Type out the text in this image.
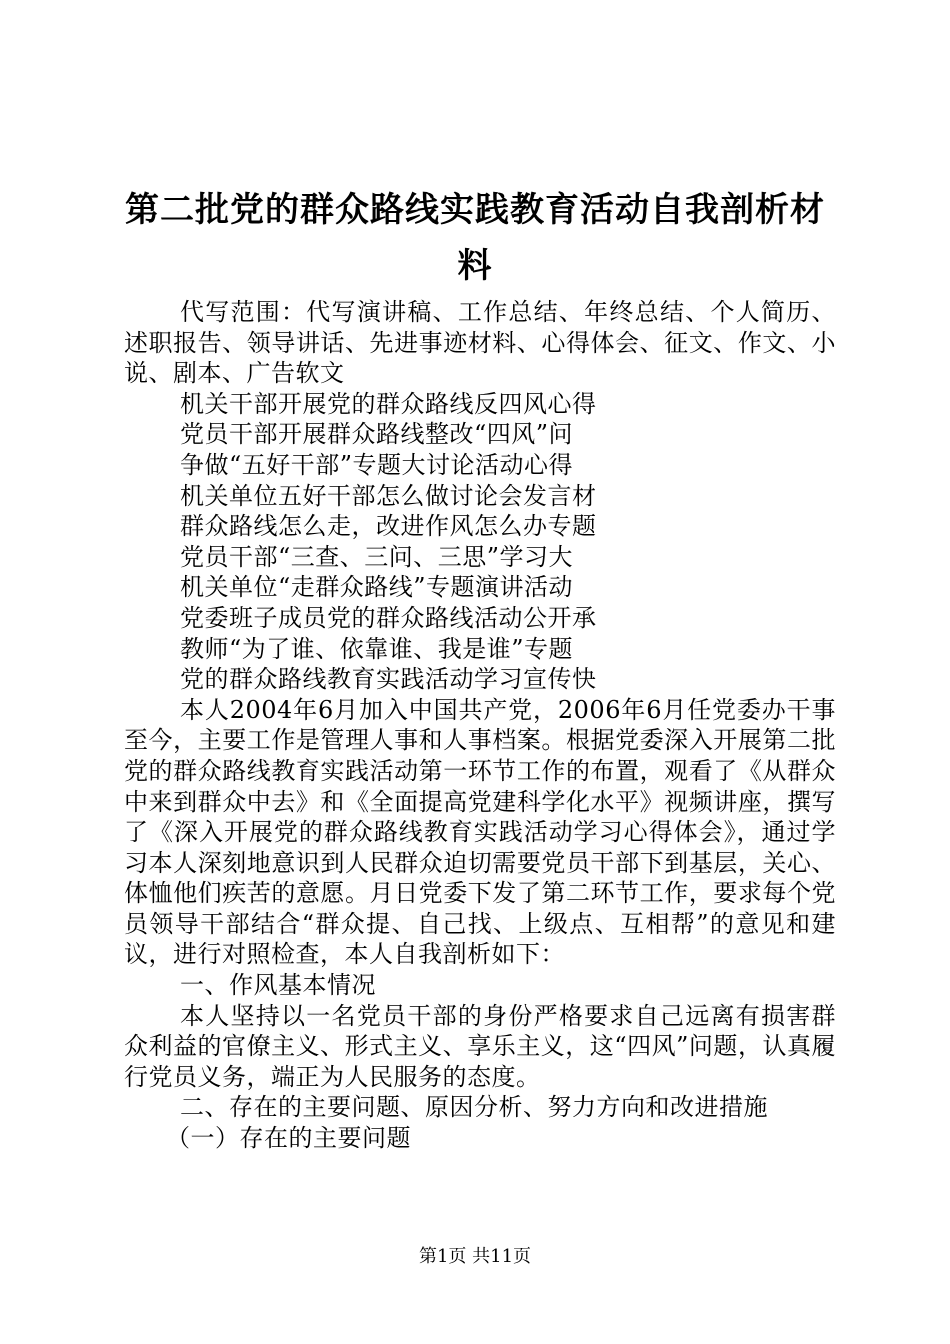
第二批党的群众路线实践教育活动自我剖析材料

代写范围：代写演讲稿、工作总结、年终总结、个人简历、述职报告、领导讲话、先进事迹材料、心得体会、征文、作文、小说、剧本、广告软文

机关干部开展党的群众路线反四风心得
党员干部开展群众路线整改“四风”问
争做“五好干部”专题大讨论活动心得
机关单位五好干部怎么做讨论会发言材
群众路线怎么走，改进作风怎么办专题
党员干部“三查、三问、三思”学习大
机关单位“走群众路线”专题演讲活动
党委班子成员党的群众路线活动公开承
教师“为了谁、依靠谁、我是谁”专题
党的群众路线教育实践活动学习宣传快

本人2004年6月加入中国共产党，2006年6月任党委办干事至今，主要工作是管理人事和人事档案。根据党委深入开展第二批党的群众路线教育实践活动第一环节工作的布置，观看了《从群众中来到群众中去》和《全面提高党建科学化水平》视频讲座，撰写了《深入开展党的群众路线教育实践活动学习心得体会》，通过学习本人深刻地意识到人民群众迫切需要党员干部下到基层，关心、体恤他们疾苦的意愿。月日党委下发了第二环节工作，要求每个党员领导干部结合“群众提、自己找、上级点、互相帮”的意见和建议，进行对照检查，本人自我剖析如下：

一、作风基本情况

本人坚持以一名党员干部的身份严格要求自己远离有损害群众利益的官僚主义、形式主义、享乐主义，这“四风”问题，认真履行党员义务，端正为人民服务的态度。

二、存在的主要问题、原因分析、努力方向和改进措施

（一）存在的主要问题

第1页 共11页
